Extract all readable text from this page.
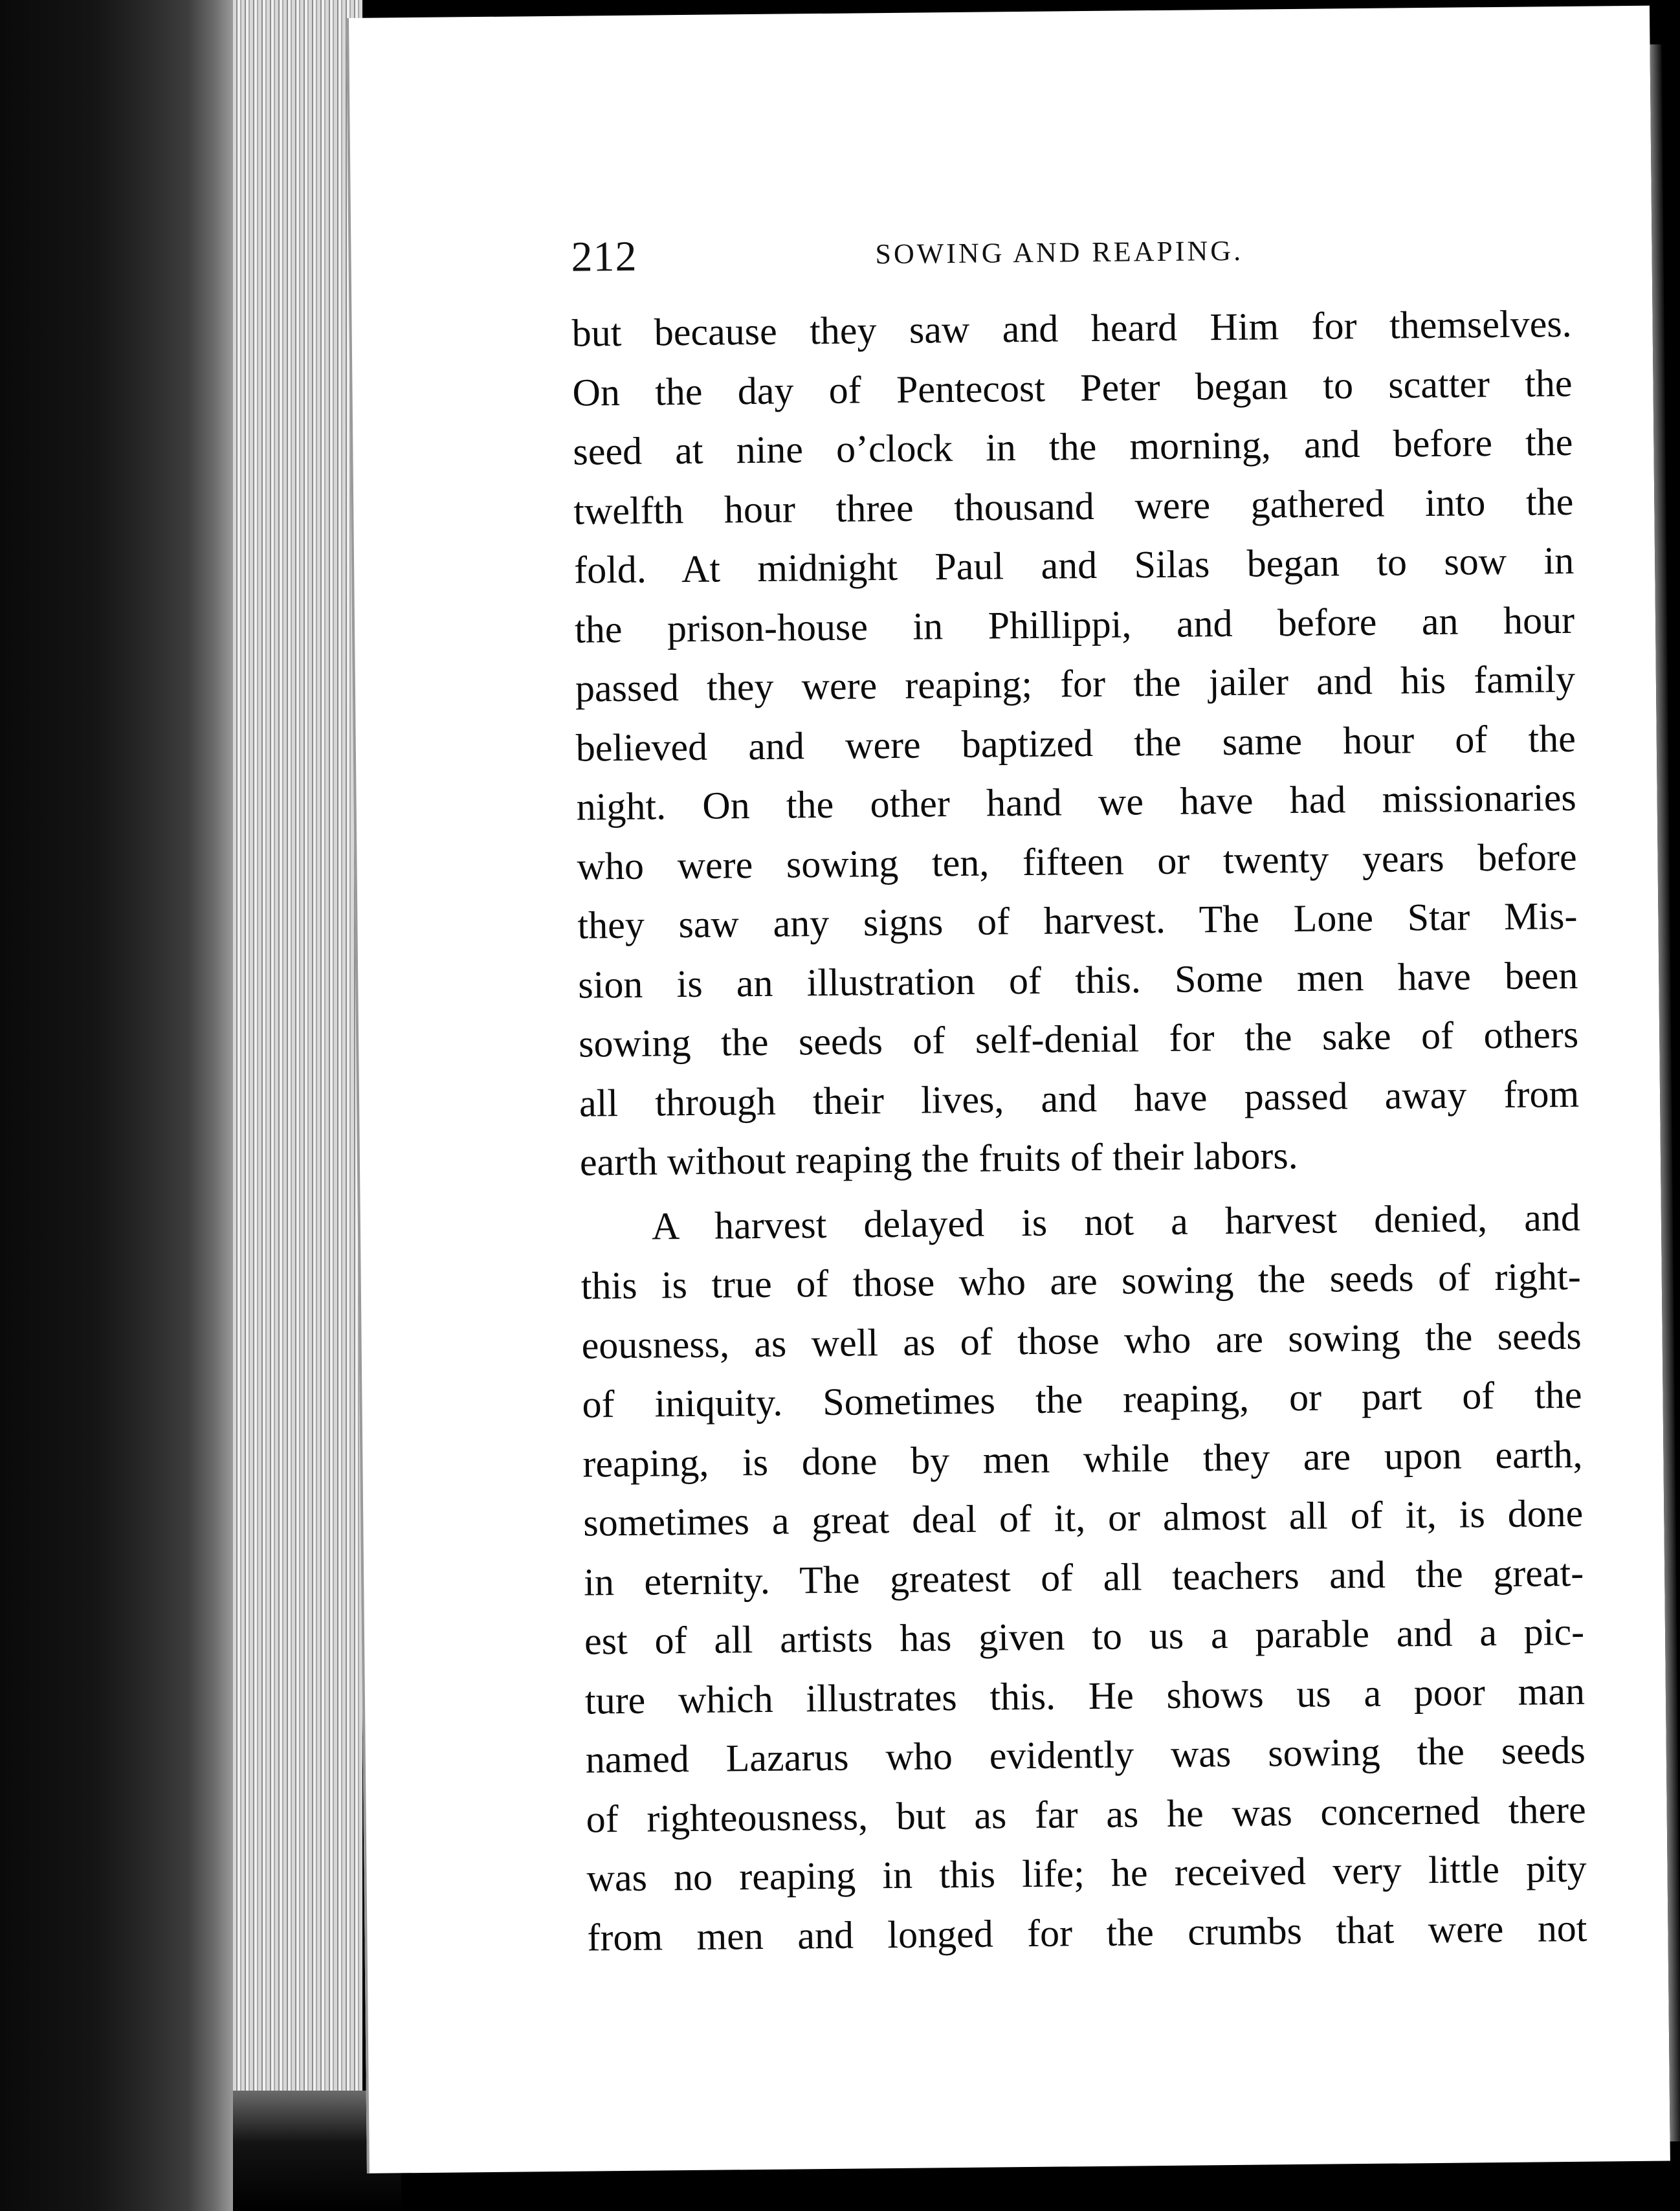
212	SOWING AND REAPING.
but because they saw and heard Him for themselves.
On the day of Pentecost Peter began to scatter the
seed at nine o’clock in the morning, and before the
twelfth hour three thousand were gathered into the
fold. At midnight Paul and Silas began to sow in
the prison-house in Phillippi, and before an hour
passed they were reaping; for the jailer and his family
believed and were baptized the same hour of the
night. On the other hand we have had missionaries
who were sowing ten, fifteen or twenty years before
they saw any signs of harvest. The Lone Star Mis-
sion is an illustration of this. Some men have been
sowing the seeds of self-denial for the sake of others
all through their lives, and have passed away from
earth without reaping the fruits of their labors.
A harvest delayed is not a harvest denied, and
this is true of those who are sowing the seeds of right-
eousness, as well as of those who are sowing the seeds
of iniquity. Sometimes the reaping, or part of the
reaping, is done by men while they are upon earth,
sometimes a great deal of it, or almost all of it, is done
in eternity. The greatest of all teachers and the great-
est of all artists has given to us a parable and a pic-
ture which illustrates this. He shows us a poor man
named Lazarus who evidently was sowing the seeds
of righteousness, but as far as he was concerned there
was no reaping in this life; he received very little pity
from men and longed for the crumbs that were not
